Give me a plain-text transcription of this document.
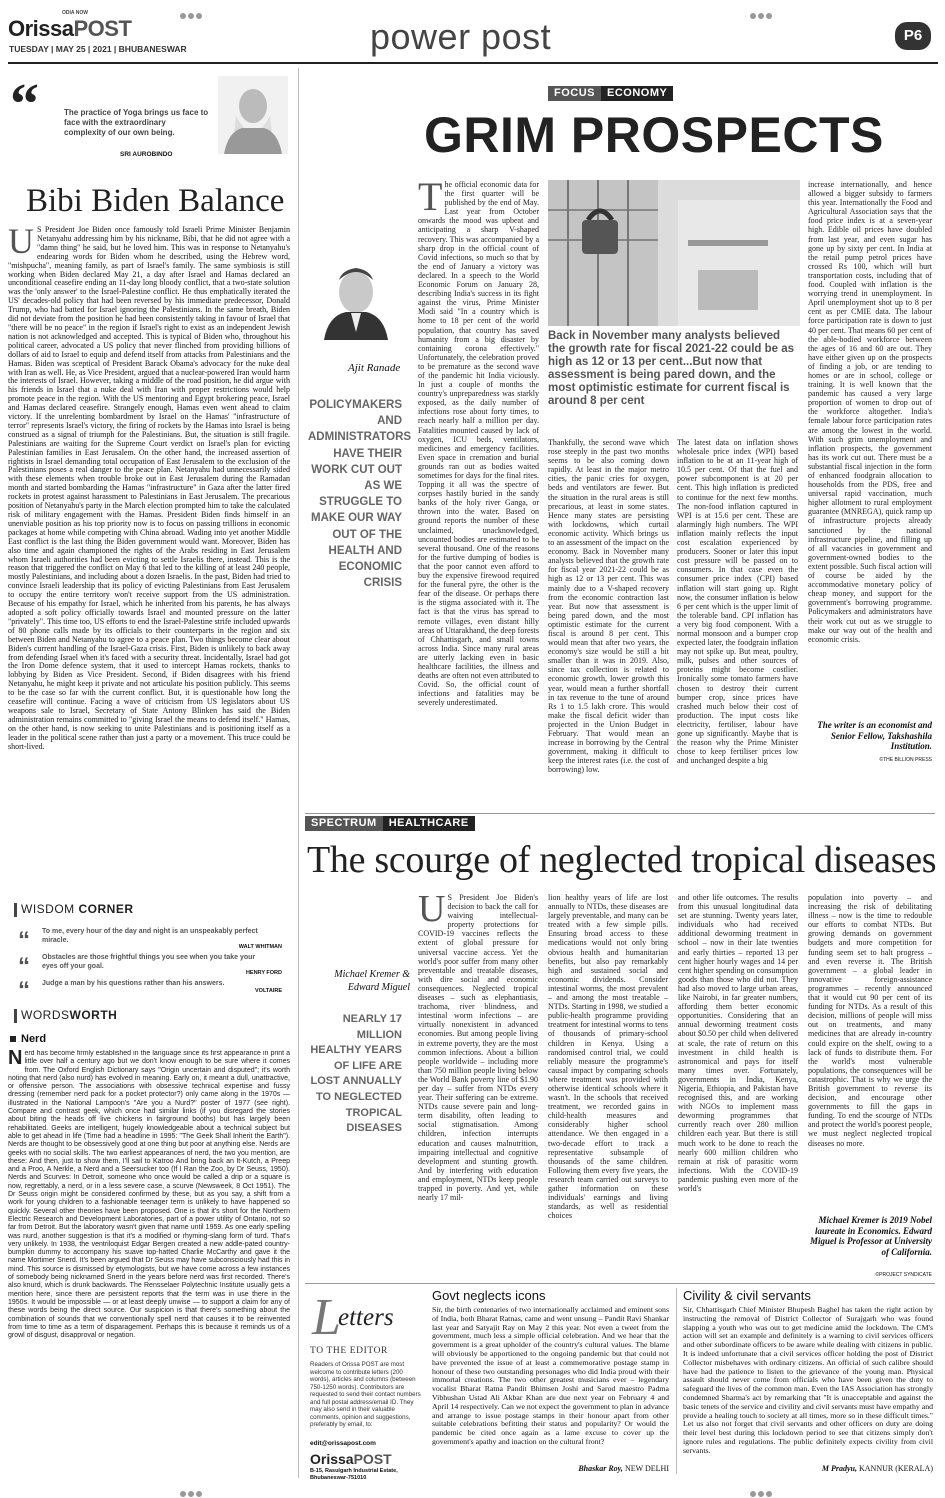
OrissaPOST
ODIA NOW
TUESDAY | MAY 25 | 2021 | BHUBANESWAR	power post	P6
“	The practice of Yoga brings us face to face with the extraordinary complexity of our own being.
SRI AUROBINDO
Bibi Biden Balance
U S President Joe Biden once famously told Israeli Prime Minister Benjamin Netanyahu addressing him by his nickname, Bibi, that he did not agree with a "damn thing" he said, but he loved him. This was in response to Netanyahu's endearing words for Biden whom he described, using the Hebrew word, "mishpucha", meaning family, as part of Israel's family. The same symbiosis is still working when Biden declared May 21, a day after Israel and Hamas declared an unconditional ceasefire ending an 11-day long bloody conflict, that a two-state solution was the 'only answer' to the Israel-Palestine conflict. He thus emphatically iterated the US' decades-old policy that had been reversed by his immediate predecessor, Donald Trump, who had batted for Israel ignoring the Palestinians. In the same breath, Biden did not deviate from the position he had been consistently taking in favour of Israel that "there will be no peace" in the region if Israel's right to exist as an independent Jewish nation is not acknowledged and accepted. This is typical of Biden who, throughout his political career, advocated a US policy that never flinched from providing billions of dollars of aid to Israel to equip and defend itself from attacks from Palestinians and the Hamas. Biden was sceptical of President Barack Obama's advocacy for the nuke deal with Iran as well. He, as Vice President, argued that a nuclear-powered Iran would harm the interests of Israel. However, taking a middle of the road position, he did argue with his friends in Israel that a nuke deal with Iran with proper restrictions would help promote peace in the region. With the US mentoring and Egypt brokering peace, Israel and Hamas declared ceasefire. Strangely enough, Hamas even went ahead to claim victory. If the unrelenting bombardment by Israel on the Hamas' "infrastructure of terror" represents Israel's victory, the firing of rockets by the Hamas into Israel is being construed as a signal of triumph for the Palestinians. But, the situation is still fragile. Palestinians are waiting for the Supreme Court verdict on Israel's plan for evicting Palestinian families in East Jerusalem. On the other hand, the increased assertion of rightists in Israel demanding total occupation of East Jerusalem to the exclusion of the Palestinians poses a real danger to the peace plan. Netanyahu had unnecessarily sided with these elements when trouble broke out in East Jerusalem during the Ramadan month and started bombarding the Hamas "infrastructure" in Gaza after the latter fired rockets in protest against harassment to Palestinians in East Jerusalem. The precarious position of Netanyahu's party in the March election prompted him to take the calculated risk of military engagement with the Hamas. President Biden finds himself in an unenviable position as his top priority now is to focus on passing trillions in economic packages at home while competing with China abroad. Wading into yet another Middle East conflict is the last thing the Biden government would want. Moreover, Biden has also time and again championed the rights of the Arabs residing in East Jerusalem whom Israeli authorities had been evicting to settle Israelis there, instead. This is the reason that triggered the conflict on May 6 that led to the killing of at least 240 people, mostly Palestinians, and including about a dozen Israelis. In the past, Biden had tried to convince Israeli leadership that its policy of evicting Palestinians from East Jerusalem to occupy the entire territory won't receive support from the US administration. Because of his empathy for Israel, which he inherited from his parents, he has always adopted a soft policy officially towards Israel and mounted pressure on the latter "privately". This time too, US efforts to end the Israel-Palestine strife included upwards of 80 phone calls made by its officials to their counterparts in the region and six between Biden and Netanyahu to agree to a peace plan. Two things become clear about Biden's current handling of the Israel-Gaza crisis. First, Biden is unlikely to back away from defending Israel when it's faced with a security threat. Incidentally, Israel had got the Iron Dome defence system, that it used to intercept Hamas rockets, thanks to lobbying by Biden as Vice President. Second, if Biden disagrees with his friend Netanyahu, he might keep it private and not articulate his position publicly. This seems to be the case so far with the current conflict. But, it is questionable how long the ceasefire will continue. Facing a wave of criticism from US legislators about US weapons sale to Israel, Secretary of State Antony Blinken has said the Biden administration remains committed to "giving Israel the means to defend itself." Hamas, on the other hand, is now seeking to unite Palestinians and is positioning itself as a leader in the political scene rather than just a party or a movement. This truce could be short-lived.
WISDOM CORNER
“ To me, every hour of the day and night is an unspeakably perfect miracle.
WALT WHITMAN
“ Obstacles are those frightful things you see when you take your eyes off your goal.
HENRY FORD
“ Judge a man by his questions rather than his answers.
VOLTAIRE
WORDSWORTH
Nerd
Nerd has become firmly established in the language since its first appearance in print a little over half a century ago but we don't know enough to be sure where it comes from. The Oxford English Dictionary says "Origin uncertain and disputed"; it's worth noting that nerd (also nurd) has evolved in meaning. Early on, it meant a dull, unattractive, or offensive person. The associations with obsessive technical expertise and fussy dressing (remember nerd pack for a pocket protector?) only came along in the 1970s — illustrated in the National Lampoon's "Are you a Nurd?" poster of 1977 (see right). Compare and contrast geek, which once had similar links (if you disregard the stories about biting the heads off live chickens in fairground booths) but has largely been rehabilitated. Geeks are intelligent, hugely knowledgeable about a technical subject but able to get ahead in life (Time had a headline in 1995: "The Geek Shall Inherit the Earth"). Nerds are thought to be obsessively good at one thing but poor at anything else. Nerds are geeks with no social skills. The two earliest appearances of nerd, the two you mention, are these: And then, just to show them, I'll sail to Katroo And bring back an It-Kutch, a Preep and a Proo, A Nerkle, a Nerd and a Seersucker too (If I Ran the Zoo, by Dr Seuss, 1950). Nerds and Scurves: In Detroit, someone who once would be called a drip or a square is now, regrettably, a nerd, or in a less severe case, a scurve (Newsweek, 8 Oct 1951). The Dr Seuss origin might be considered confirmed by these, but as you say, a shift from a work for young children to a fashionable teenager term is unlikely to have happened so quickly. Several other theories have been proposed. One is that it's short for the Northern Electric Research and Development Laboratories, part of a power utility of Ontario, not so far from Detroit. But the laboratory wasn't given that name until 1959. As one early spelling was nurd, another suggestion is that it's a modified or rhyming-slang form of turd. That's very unlikely. In 1938, the ventriloquist Edgar Bergen created a new addle-pated country-bumpkin dummy to accompany his suave top-hatted Charlie McCarthy and gave it the name Mortimer Snerd. It's been argued that Dr Seuss may have subconsciously had this in mind. This source is dismissed by etymologists, but we have come across a few instances of somebody being nicknamed Snerd in the years before nerd was first recorded. There's also knurd, which is drunk backwards. The Rensselaer Polytechnic Institute usually gets a mention here, since there are persistent reports that the term was in use there in the 1950s. It would be impossible — or at least deeply unwise — to support a claim for any of these words being the direct source. Our suspicion is that there's something about the combination of sounds that we conventionally spell nerd that causes it to be reinvented from time to time as a term of disparagement. Perhaps this is because it reminds us of a growl of disgust, disapproval or negation.
FOCUS	ECONOMY
GRIM PROSPECTS
Ajit Ranade
POLICYMAKERS AND ADMINISTRATORS HAVE THEIR WORK CUT OUT AS WE STRUGGLE TO MAKE OUR WAY OUT OF THE HEALTH AND ECONOMIC CRISIS
The official economic data for the first quarter will be published by the end of May. Last year from October onwards the mood was upbeat and anticipating a sharp V-shaped recovery. This was accompanied by a sharp drop in the official count of Covid infections, so much so that by the end of January a victory was declared. In a speech to the World Economic Forum on January 28, describing India's success in its fight against the virus, Prime Minister Modi said "In a country which is home to 18 per cent of the world population, that country has saved humanity from a big disaster by containing corona effectively." Unfortunately, the celebration proved to be premature as the second wave of the pandemic hit India viciously. In just a couple of months the country's unpreparedness was starkly exposed, as the daily number of infections rose about forty times, to reach nearly half a million per day. Fatalities mounted caused by lack of oxygen, ICU beds, ventilators, medicines and emergency facilities. Even space in cremation and burial grounds ran out as bodies waited sometimes for days for the final rites. Topping it all was the spectre of corpses hastily buried in the sandy banks of the holy river Ganga, or thrown into the water. Based on ground reports the number of these unclaimed, unacknowledged, uncounted bodies are estimated to be several thousand. One of the reasons for the furtive dumping of bodies is that the poor cannot even afford to buy the expensive firewood required for the funeral pyre, the other is the fear of the disease. Or perhaps there is the stigma associated with it. The fact is that the virus has spread to remote villages, even distant hilly areas of Uttarakhand, the deep forests of Chhattisgarh, and small towns across India. Since many rural areas are utterly lacking even in basic healthcare facilities, the illness and deaths are often not even attributed to Covid. So, the official count of infections and fatalities may be severely underestimated.
Back in November many analysts believed the growth rate for fiscal 2021-22 could be as high as 12 or 13 per cent...But now that assessment is being pared down, and the most optimistic estimate for current fiscal is around 8 per cent
Thankfully, the second wave which rose steeply in the past two months seems to be also coming down rapidly. At least in the major metro cities, the panic cries for oxygen, beds and ventilators are fewer. But the situation in the rural areas is still precarious, at least in some states. Hence many states are persisting with lockdowns, which curtail economic activity. Which brings us to an assessment of the impact on the economy. Back in November many analysts believed that the growth rate for fiscal year 2021-22 could be as high as 12 or 13 per cent. This was mainly due to a V-shaped recovery from the economic contraction last year. But now that assessment is being pared down, and the most optimistic estimate for the current fiscal is around 8 per cent. This would mean that after two years, the economy's size would be still a bit smaller than it was in 2019. Also, since tax collection is related to economic growth, lower growth this year, would mean a further shortfall in tax revenue to the tune of around Rs 1 to 1.5 lakh crore. This would make the fiscal deficit wider than projected in the Union Budget in February. That would mean an increase in borrowing by the Central government, making it difficult to keep the interest rates (i.e. the cost of borrowing) low.
The latest data on inflation shows wholesale price index (WPI) based inflation to be at an 11-year high of 10.5 per cent. Of that the fuel and power subcomponent is at 20 per cent. This high inflation is predicted to continue for the next few months. The non-food inflation captured in WPI is at 15.6 per cent. These are alarmingly high numbers. The WPI inflation mainly reflects the input cost escalation experienced by producers. Sooner or later this input cost pressure will be passed on to consumers. In that case even the consumer price index (CPI) based inflation will start going up. Right now, the consumer inflation is below 6 per cent which is the upper limit of the tolerable band. CPI inflation has a very big food component. With a normal monsoon and a bumper crop expected later, the foodgrain inflation may not spike up. But meat, poultry, milk, pulses and other sources of proteins might become costlier. Ironically some tomato farmers have chosen to destroy their current bumper crop, since prices have crashed much below their cost of production. The input costs like electricity, fertiliser, labour have gone up significantly. Maybe that is the reason why the Prime Minister chose to keep fertiliser prices low and unchanged despite a big
increase internationally, and hence allowed a bigger subsidy to farmers this year. Internationally the Food and Agricultural Association says that the food price index is at a seven-year high. Edible oil prices have doubled from last year, and even sugar has gone up by sixty per cent. In India at the retail pump petrol prices have crossed Rs 100, which will hurt transportation costs, including that of food. Coupled with inflation is the worrying trend in unemployment. In April unemployment shot up to 8 per cent as per CMIE data. The labour force participation rate is down to just 40 per cent. That means 60 per cent of the able-bodied workforce between the ages of 16 and 60 are out. They have either given up on the prospects of finding a job, or are tending to homes or are in school, college or training. It is well known that the pandemic has caused a very large proportion of women to drop out of the workforce altogether. India's female labour force participation rates are among the lowest in the world. With such grim unemployment and inflation prospects, the government has its work cut out. There must be a substantial fiscal injection in the form of enhanced foodgrain allocation to households from the PDS, free and universal rapid vaccination, much higher allotment to rural employment guarantee (MNREGA), quick ramp up of infrastructure projects already sanctioned by the national infrastructure pipeline, and filling up of all vacancies in government and government-owned bodies to the extent possible. Such fiscal action will of course be aided by the accommodative monetary policy of cheap money, and support for the government's borrowing programme. Policymakers and administrators have their work cut out as we struggle to make our way out of the health and economic crisis.
The writer is an economist and Senior Fellow, Takshashila Institution.
©THE BILLION PRESS
SPECTRUM	HEALTHCARE
The scourge of neglected tropical diseases
Michael Kremer & Edward Miguel
NEARLY 17 MILLION HEALTHY YEARS OF LIFE ARE LOST ANNUALLY TO NEGLECTED TROPICAL DISEASES
U S President Joe Biden's decision to back the call for waiving intellectual-property protections for COVID-19 vaccines reflects the extent of global pressure for universal vaccine access. Yet the world's poor suffer from many other preventable and treatable diseases, with dire social and economic consequences. Neglected tropical diseases – such as elephantiasis, trachoma, river blindness, and intestinal worm infections – are virtually nonexistent in advanced economies. But among people living in extreme poverty, they are the most common infections. About a billion people worldwide – including more than 750 million people living below the World Bank poverty line of $1.90 per day – suffer from NTDs every year. Their suffering can be extreme. NTDs cause severe pain and long-term disability, often leading to social stigmatisation. Among children, infection interrupts education and causes malnutrition, impairing intellectual and cognitive development and stunting growth. And by interfering with education and employment, NTDs keep people trapped in poverty. And yet, while nearly 17 mil-
lion healthy years of life are lost annually to NTDs, these diseases are largely preventable, and many can be treated with a few simple pills. Ensuring broad access to these medications would not only bring obvious health and humanitarian benefits, but also pay remarkably high and sustained social and economic dividends. Consider intestinal worms, the most prevalent – and among the most treatable – NTDs. Starting in 1998, we studied a public-health programme providing treatment for intestinal worms to tens of thousands of primary-school children in Kenya. Using a randomised control trial, we could reliably measure the programme's causal impact by comparing schools where treatment was provided with otherwise identical schools where it wasn't. In the schools that received treatment, we recorded gains in child-health measures and considerably higher school attendance. We then engaged in a two-decade effort to track a representative subsample of thousands of the same children. Following them every five years, the research team carried out surveys to gather information on these individuals' earnings and living standards, as well as residential choices
and other life outcomes. The results from this unusual longitudinal data set are stunning. Twenty years later, individuals who had received additional deworming treatment in school – now in their late twenties and early thirties – reported 13 per cent higher hourly wages and 14 per cent higher spending on consumption goods than those who did not. They had also moved to large urban areas, like Nairobi, in far greater numbers, affording them better economic opportunities. Considering that an annual deworming treatment costs about $0.50 per child when delivered at scale, the rate of return on this investment in child health is astronomical and pays for itself many times over. Fortunately, governments in India, Kenya, Nigeria, Ethiopia, and Pakistan have recognised this, and are working with NGOs to implement mass deworming programmes that currently reach over 280 million children each year. But there is still much work to be done to reach the nearly 600 million children who remain at risk of parasitic worm infections. With the COVID-19 pandemic pushing even more of the world's
population into poverty – and increasing the risk of debilitating illness – now is the time to redouble our efforts to combat NTDs. But growing demands on government budgets and more competition for funding seem set to halt progress – and even reverse it. The British government – a global leader in innovative foreign-assistance programmes – recently announced that it would cut 90 per cent of its funding for NTDs. As a result of this decision, millions of people will miss out on treatments, and many medicines that are already in-country could expire on the shelf, owing to a lack of funds to distribute them. For the world's most vulnerable populations, the consequences will be catastrophic. That is why we urge the British government to reverse its decision, and encourage other governments to fill the gaps in funding. To end the scourge of NTDs and protect the world's poorest people, we must neglect neglected tropical diseases no more.
Michael Kremer is 2019 Nobel laureate in Economics. Edward Miguel is Professor at University of California.
©PROJECT SYNDICATE
L
etters
TO THE EDITOR
Readers of Orissa POST are most welcome to contribute letters (200 words), articles and columns (between 750-1250 words). Contributors are requested to send their contact numbers and full postal address/email ID. They may also send in their valuable comments, opinion and suggestions, preferably by email, to:
edit@orissapost.com
OrissaPOST
B-15, Rasulgarh Industrial Estate, Bhubaneswar-751010
Govt neglects icons
Sir, the birth centenaries of two internationally acclaimed and eminent sons of India, both Bharat Ratnas, came and went unsung – Pandit Ravi Shankar last year and Satyajit Ray on May 2 this year. Not even a tweet from the government, much less a simple official celebration. And we hear that the government is a great upholder of the country's cultural values. The blame will obviously be apportioned to the ongoing pandemic but that could not have prevented the issue of at least a commemorative postage stamp in honour of these two outstanding personages who did India proud with their immortal creations. The two other greatest musicians ever – legendary vocalist Bharat Ratna Pandit Bhimsen Joshi and Sarod maestro Padma Vibhushan Ustad Ali Akbar Khan are due next year on February 4 and April 14 respectively. Can we not expect the government to plan in advance and arrange to issue postage stamps in their honour apart from other suitable celebrations befitting their status and popularity? Or would the pandemic be cited once again as a lame excuse to cover up the government's apathy and inaction on the cultural front?
Bhaskar Roy, NEW DELHI
Civility & civil servants
Sir, Chhattisgarh Chief Minister Bhupesh Baghel has taken the right action by instructing the removal of District Collector of Surajgarh who was found slapping a youth who was out to get medicine amid the lockdown. The CM's action will set an example and definitely is a warning to civil services officers and other subordinate officers to be aware while dealing with citizens in public. It is indeed unfortunate that a civil services officer holding the post of District Collector misbehaves with ordinary citizens. An official of such calibre should have had the patience to listen to the grievance of the young man. Physical assault should never come from officials who have been given the duty to safeguard the lives of the common man. Even the IAS Association has strongly condemned Sharma's act by remarking that "It is unacceptable and against the basic tenets of the service and civility and civil servants must have empathy and provide a healing touch to society at all times, more so in these difficult times." Let us also not forget that civil servants and other officers on duty are doing their level best during this lockdown period to see that citizens simply don't ignore rules and regulations. The public definitely expects civility from civil servants.
M Pradyu, KANNUR (KERALA)
